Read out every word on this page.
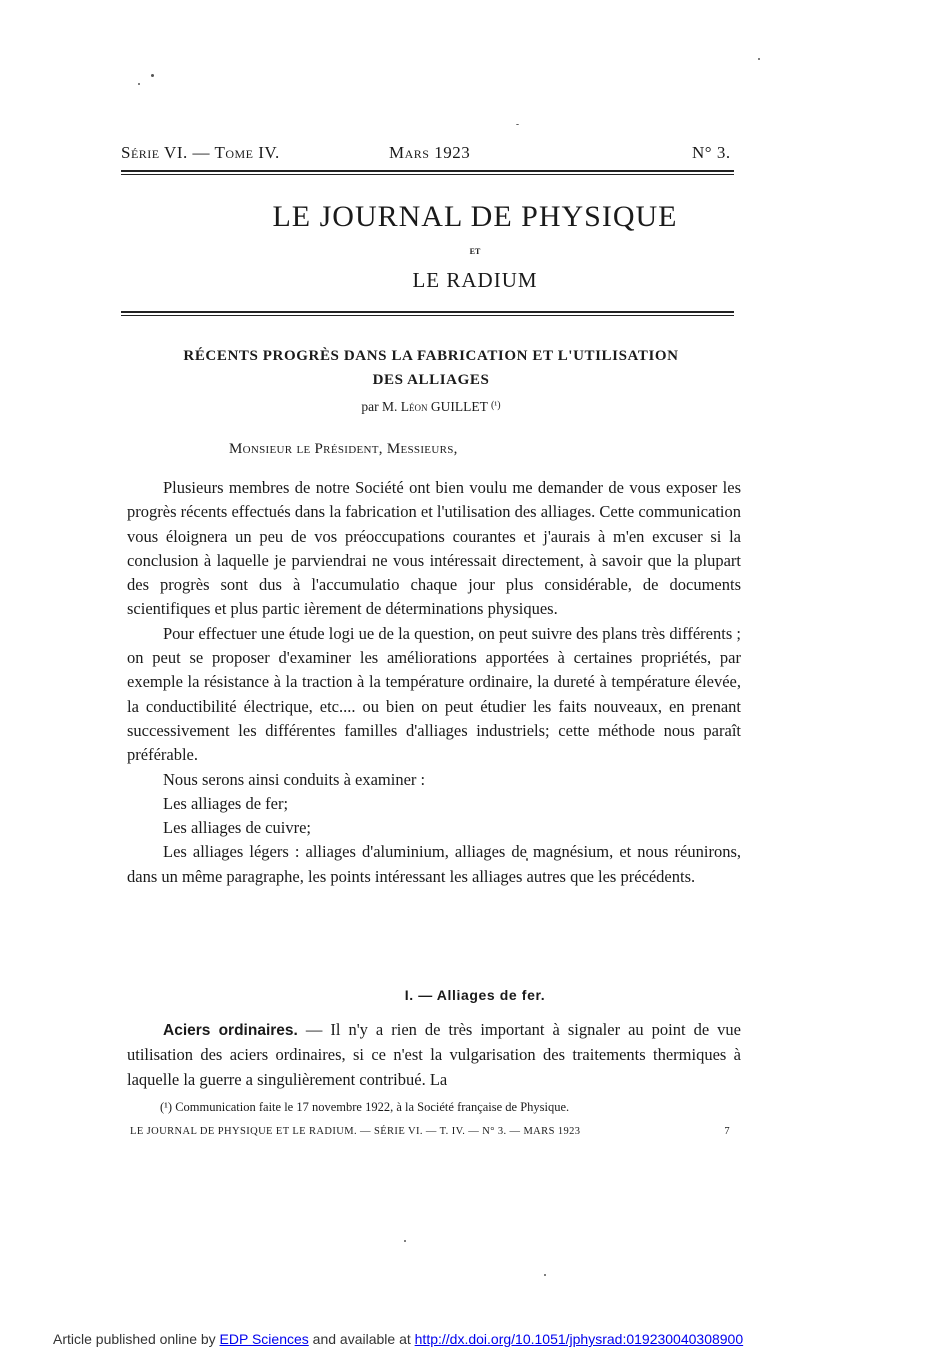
Série VI. — Tome IV.	Mars 1923	N° 3.
LE JOURNAL DE PHYSIQUE
ET
LE RADIUM
RÉCENTS PROGRÈS DANS LA FABRICATION ET L'UTILISATION
DES ALLIAGES
par M. Léon GUILLET $^{(^1)}$
Monsieur le Président, Messieurs,

Plusieurs membres de notre Société ont bien voulu me demander de vous exposer les progrès récents effectués dans la fabrication et l'utilisation des alliages. Cette communication vous éloignera un peu de vos préoccupations courantes et j'aurais à m'en excuser si la conclusion à laquelle je parviendrai ne vous intéressait directement, à savoir que la plupart des progrès sont dus à l'accumulatio chaque jour plus considérable, de documents scientifiques et plus partic ièrement de déterminations physiques.

Pour effectuer une étude logi ue de la question, on peut suivre des plans très différents ; on peut se proposer d'examiner les améliorations apportées à certaines propriétés, par exemple la résistance à la traction à la température ordinaire, la dureté à température élevée, la conductibilité électrique, etc.... ou bien on peut étudier les faits nouveaux, en prenant successivement les différentes familles d'alliages industriels; cette méthode nous paraît préférable.

Nous serons ainsi conduits à examiner :

Les alliages de fer;

Les alliages de cuivre;

Les alliages légers : alliages d'aluminium, alliages de magnésium, et nous réunirons, dans un même paragraphe, les points intéressant les alliages autres que les précédents.

I. — Alliages de fer.
Aciers ordinaires. — Il n'y a rien de très important à signaler au point de vue utilisation des aciers ordinaires, si ce n'est la vulgarisation des traitements thermiques à laquelle la guerre a singulièrement contribué. La
(¹) Communication faite le 17 novembre 1922, à la Société française de Physique.
LE JOURNAL DE PHYSIQUE ET LE RADIUM. — SÉRIE VI. — T. IV. — N° 3. — MARS 1923	7
Article published online by EDP Sciences and available at http://dx.doi.org/10.1051/jphysrad:019230040308900
